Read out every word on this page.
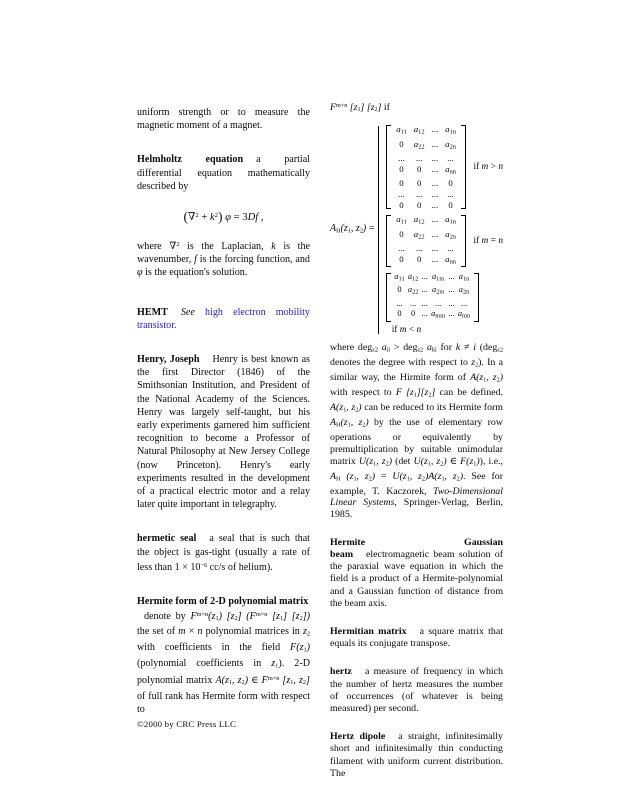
uniform strength or to measure the magnetic moment of a magnet.

Helmholtz equation a partial differential equation mathematically described by

$(\nabla^2 + k^2)$ φ = 3Df ,

where ∇$^2$ is the Laplacian, k is the wavenumber, f is the forcing function, and φ is the equation's solution.

HEMT See high electron mobility transistor.

Henry, Joseph Henry is best known as the first Director (1846) of the Smithsonian Institution, and President of the National Academy of the Sciences. Henry was largely self-taught, but his early experiments garnered him sufficient recognition to become a Professor of Natural Philosophy at New Jersey College (now Princeton). Henry's early experiments resulted in the development of a practical electric motor and a relay later quite important in telegraphy.

hermetic seal a seal that is such that the object is gas-tight (usually a rate of less than $1 \times 10^{-6}$ cc/s of helium).

Hermite form of 2-D polynomial matrix

denote by $F^{m\times n}(z1)$ [z2] ($F^{m\times n}$ [z1] [z2]) the set of m × n polynomial matrices in z2 with coefficients in the field F(z1) (polynomial coefficients in z1). 2-D polynomial matrix A(z1, z2) ∈ $F^{m\times n}$ [z1, z2] of full rank has Hermite form with respect to

$F^{m\times n}$ [z1] [z2] if

AH(z1, z2) =
a11	a12	...	a1n
0	a22	...	a2n
...	...	...	...
0	0	...	ann
0	0	...	0
...	...	...	...
0	0	...	0
if m > n
a11	a12	...	a1n
0	a22	...	a2n
...	...	...	...
0	0	...	ann
if m = n
a11	a12	...	a1m	...	a1n
0	a22	...	a2m	...	a2n
...	...	...	...	...	...
0	0	...	amm	...	amn
if m < n

where degz2 aii > degz2 aki for k ≠ i (degz2 denotes the degree with respect to z2). In a similar way, the Hirmite form of A(z1, z2) with respect to F [z1][z2] can be defined. A(z1, z2) can be reduced to its Hermite form AH(z1, z2) by the use of elementary row operations or equivalently by premultiplication by suitable unimodular matrix U(z1, z2) (det U(z1, z2) ∈ F(z1)), i.e., AH (z1, z2) = U(z1, z2)A(z1, z2). See for example, T. Kaczorek, Two-Dimensional Linear Systems, Springer-Verlag, Berlin, 1985.

Hermite Gaussian beam electromagnetic beam solution of the paraxial wave equation in which the field is a product of a Hermite-polynomial and a Gaussian function of distance from the beam axis.

Hermitian matrix a square matrix that equals its conjugate transpose.

hertz a measure of frequency in which the number of hertz measures the number of occurrences (of whatever is being measured) per second.

Hertz dipole a straight, infinitesimally short and infinitesimally thin conducting filament with uniform current distribution. The

©2000 by CRC Press LLC
